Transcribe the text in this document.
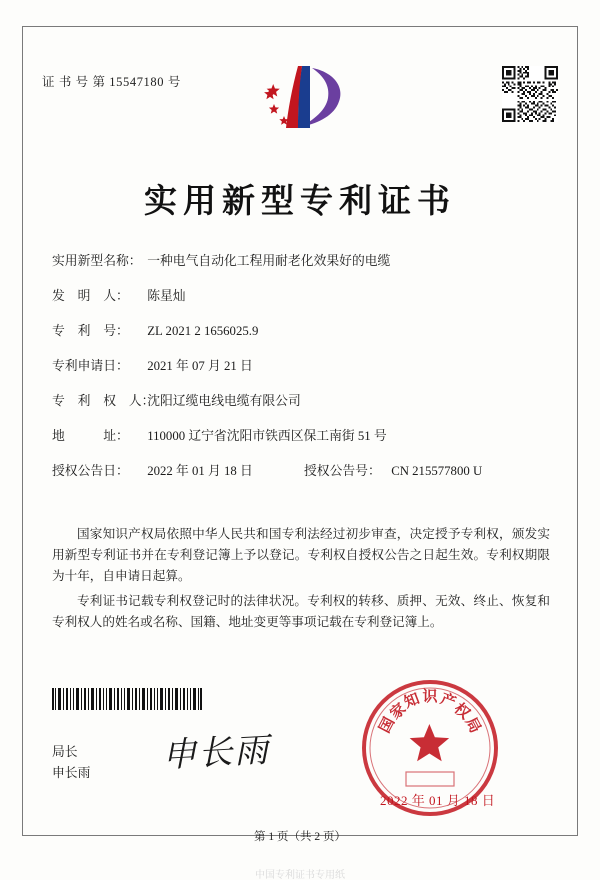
证 书 号 第 15547180 号
实用新型专利证书
实用新型名称： 一种电气自动化工程用耐老化效果好的电缆
发　明　人： 陈星灿
专　利　号： ZL 2021 2 1656025.9
专利申请日： 2021 年 07 月 21 日
专　利　权　人： 沈阳辽缆电线电缆有限公司
地　　　址： 110000 辽宁省沈阳市铁西区保工南街 51 号
授权公告日： 2022 年 01 月 18 日	授权公告号： CN 215577800 U
国家知识产权局依照中华人民共和国专利法经过初步审查，决定授予专利权，颁发实用新型专利证书并在专利登记簿上予以登记。专利权自授权公告之日起生效。专利权期限为十年，自申请日起算。
专利证书记载专利权登记时的法律状况。专利权的转移、质押、无效、终止、恢复和专利权人的姓名或名称、国籍、地址变更等事项记载在专利登记簿上。
局长
申长雨 申长雨
国
家
知 识 产
权
局
2022 年 01 月 18 日
第 1 页（共 2 页）
中国专利证书专用纸
